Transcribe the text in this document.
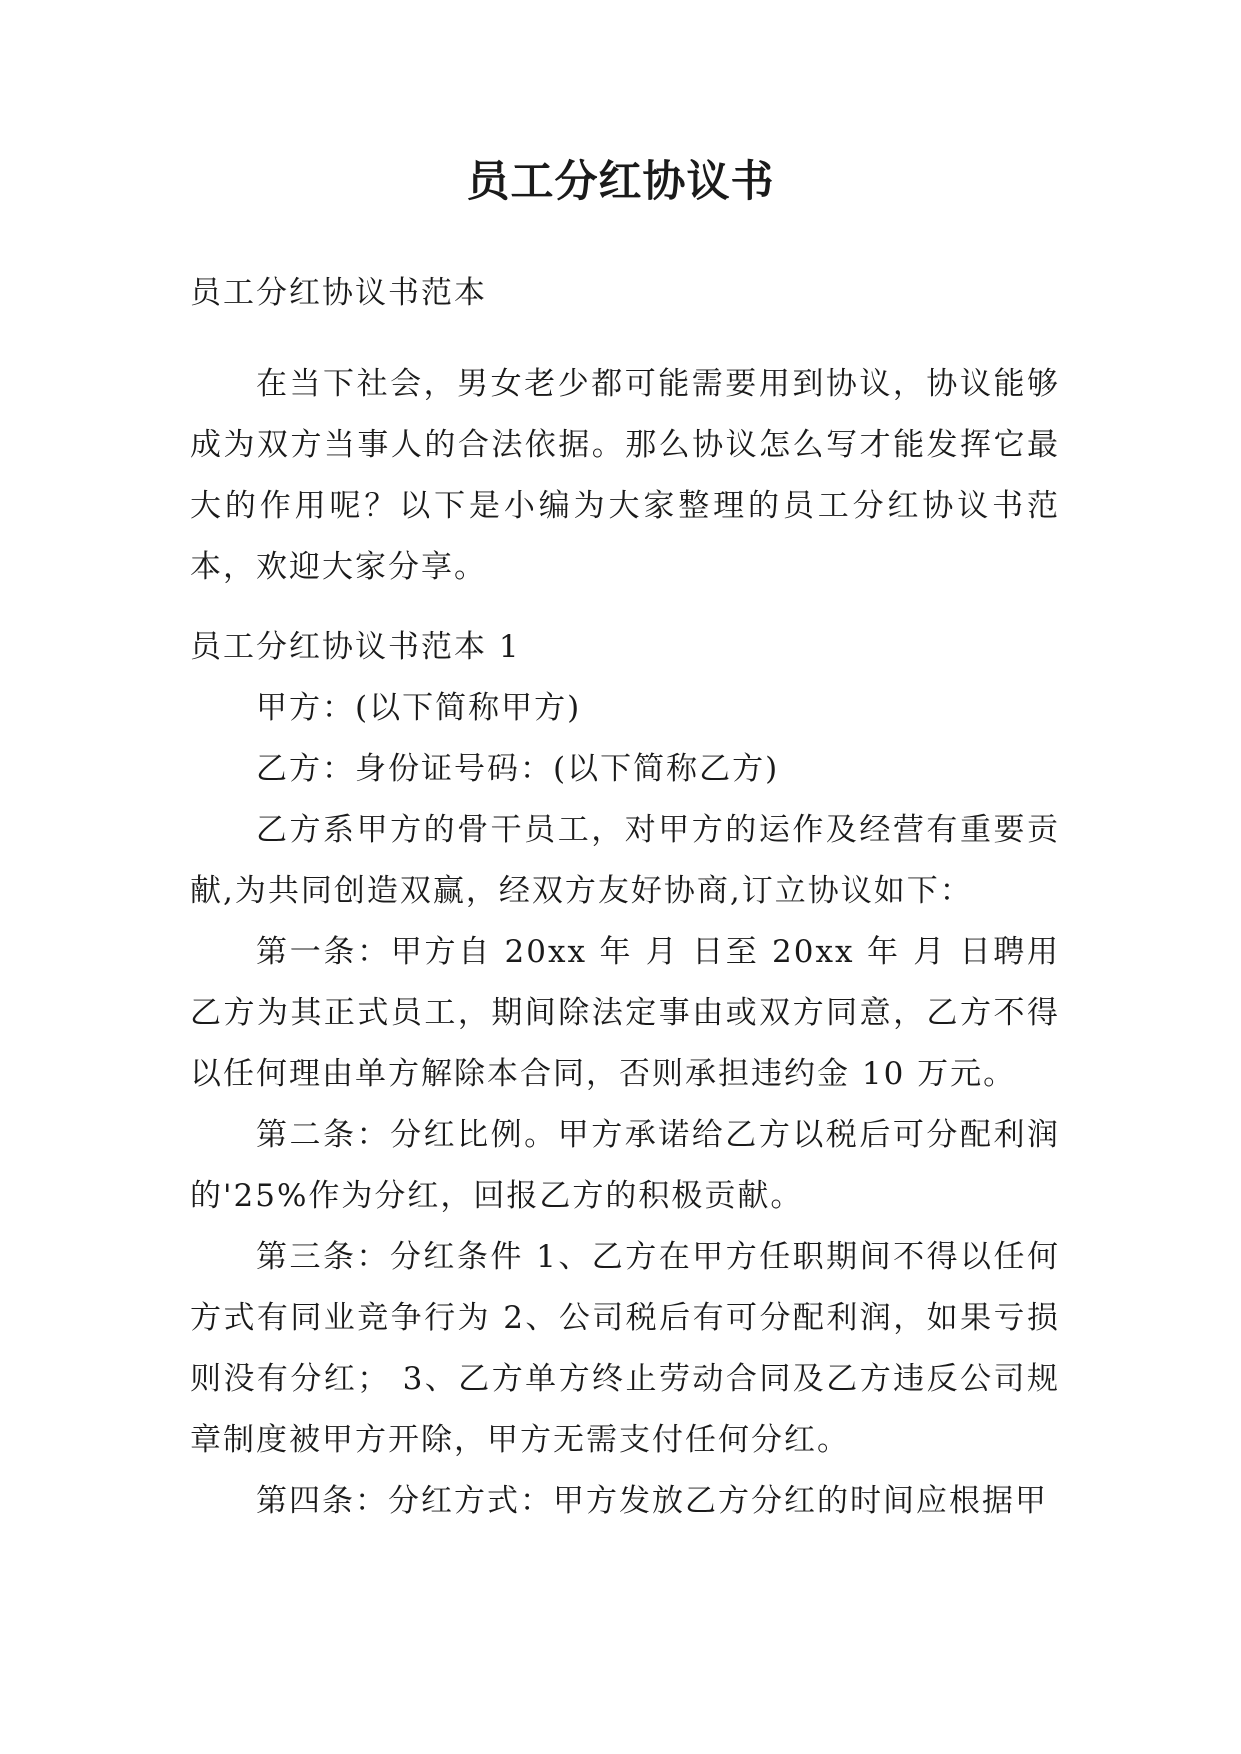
员工分红协议书

员工分红协议书范本

在当下社会，男女老少都可能需要用到协议，协议能够成为双方当事人的合法依据。那么协议怎么写才能发挥它最大的作用呢？以下是小编为大家整理的员工分红协议书范本，欢迎大家分享。

员工分红协议书范本 1

甲方：(以下简称甲方)

乙方：身份证号码：(以下简称乙方)

乙方系甲方的骨干员工，对甲方的运作及经营有重要贡献,为共同创造双赢，经双方友好协商,订立协议如下：

第一条：甲方自 20xx 年 月 日至 20xx 年 月 日聘用乙方为其正式员工，期间除法定事由或双方同意，乙方不得以任何理由单方解除本合同，否则承担违约金 10 万元。

第二条：分红比例。甲方承诺给乙方以税后可分配利润的'25%作为分红，回报乙方的积极贡献。

第三条：分红条件 1、乙方在甲方任职期间不得以任何方式有同业竞争行为 2、公司税后有可分配利润，如果亏损则没有分红； 3、乙方单方终止劳动合同及乙方违反公司规章制度被甲方开除，甲方无需支付任何分红。

第四条：分红方式：甲方发放乙方分红的时间应根据甲
